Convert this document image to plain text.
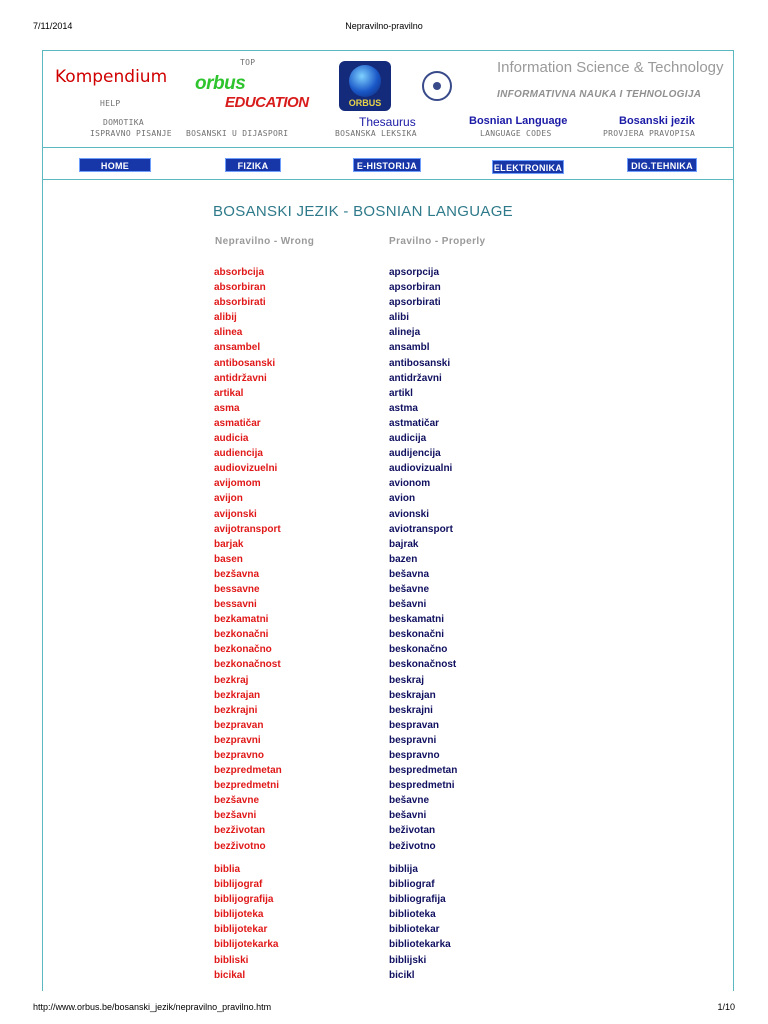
7/11/2014	Nepravilno-pravilno
Kompendium
HELP
DOMOTIKA
ISPRAVNO PISANJE
TOP
orbus
EDUCATION
BOSANSKI U DIJASPORI
ORBUS
Thesaurus
BOSANSKA LEKSIKA
Information Science & Technology
INFORMATIVNA NAUKA I TEHNOLOGIJA
Bosnian Language
LANGUAGE CODES
Bosanski jezik
PROVJERA PRAVOPISA
HOME	FIZIKA	E-HISTORIJA	ELEKTRONIKA	DIG.TEHNIKA
BOSANSKI JEZIK - BOSNIAN LANGUAGE
Nepravilno - Wrong	Pravilno - Properly
absorbcija	apsorpcija
absorbiran	apsorbiran
absorbirati	apsorbirati
alibij	alibi
alinea	alineja
ansambel	ansambl
antibosanski	antibosanski
antidržavni	antidržavni
artikal	artikl
asma	astma
asmatičar	astmatičar
audicia	audicija
audiencija	audijencija
audiovizuelni	audiovizualni
avijomom	avionom
avijon	avion
avijonski	avionski
avijotransport	aviotransport
barjak	bajrak
basen	bazen
bezšavna	bešavna
bessavne	bešavne
bessavni	bešavni
bezkamatni	beskamatni
bezkonačni	beskonačni
bezkonačno	beskonačno
bezkonačnost	beskonačnost
bezkraj	beskraj
bezkrajan	beskrajan
bezkrajni	beskrajni
bezpravan	bespravan
bezpravni	bespravni
bezpravno	bespravno
bezpredmetan	bespredmetan
bezpredmetni	bespredmetni
bezšavne	bešavne
bezšavni	bešavni
bezživotan	beživotan
bezživotno	beživotno
biblia	biblija
biblijograf	bibliograf
biblijografija	bibliografija
biblijoteka	biblioteka
biblijotekar	bibliotekar
biblijotekarka	bibliotekarka
bibliski	biblijski
bicikal	bicikl
http://www.orbus.be/bosanski_jezik/nepravilno_pravilno.htm	1/10
